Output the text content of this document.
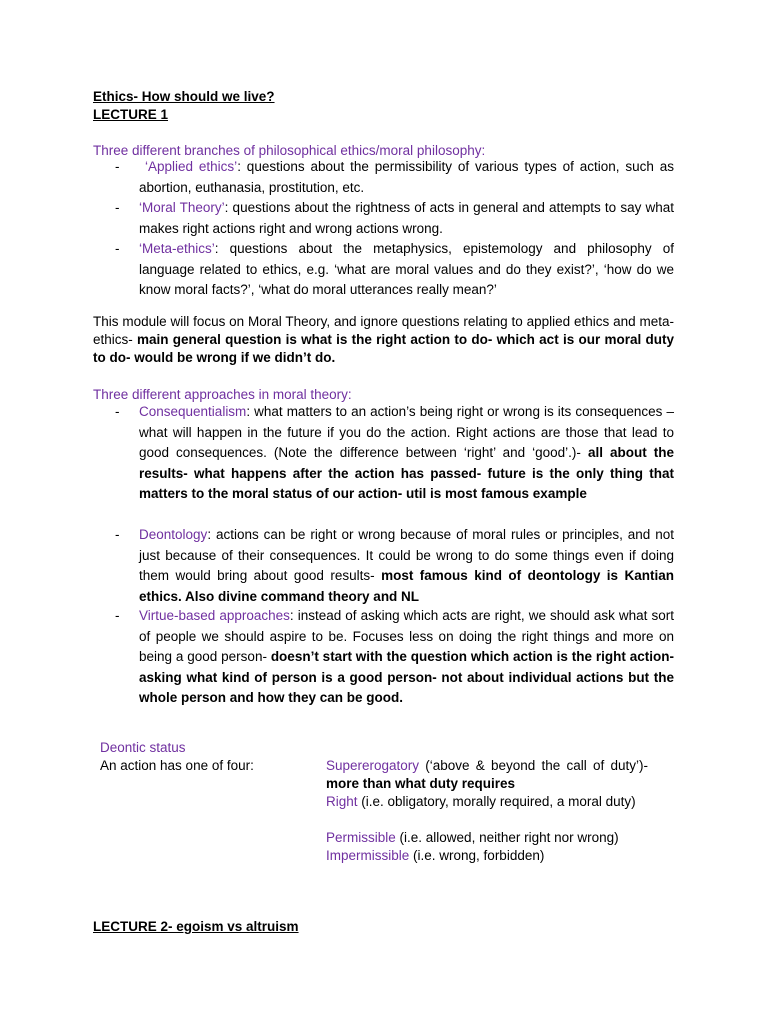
Ethics- How should we live?
LECTURE 1
Three different branches of philosophical ethics/moral philosophy:
-	‘Applied ethics’: questions about the permissibility of various types of action, such as abortion, euthanasia, prostitution, etc.
- ‘Moral Theory’: questions about the rightness of acts in general and attempts to say what makes right actions right and wrong actions wrong.
- ‘Meta-ethics’: questions about the metaphysics, epistemology and philosophy of language related to ethics, e.g. ‘what are moral values and do they exist?’, ‘how do we know moral facts?’, ‘what do moral utterances really mean?’
This module will focus on Moral Theory, and ignore questions relating to applied ethics and meta-ethics- main general question is what is the right action to do- which act is our moral duty to do- would be wrong if we didn’t do.
Three different approaches in moral theory:
- Consequentialism: what matters to an action’s being right or wrong is its consequences – what will happen in the future if you do the action. Right actions are those that lead to good consequences. (Note the difference between ‘right’ and ‘good’.)- all about the results- what happens after the action has passed- future is the only thing that matters to the moral status of our action- util is most famous example
- Deontology: actions can be right or wrong because of moral rules or principles, and not just because of their consequences. It could be wrong to do some things even if doing them would bring about good results- most famous kind of deontology is Kantian ethics. Also divine command theory and NL
- Virtue-based approaches: instead of asking which acts are right, we should ask what sort of people we should aspire to be. Focuses less on doing the right things and more on being a good person- doesn’t start with the question which action is the right action- asking what kind of person is a good person- not about individual actions but the whole person and how they can be good.
Deontic status
An action has one of four:	Supererogatory (‘above & beyond the call of duty’)-more than what duty requires
Right (i.e. obligatory, morally required, a moral duty)
Permissible (i.e. allowed, neither right nor wrong)
Impermissible (i.e. wrong, forbidden)
LECTURE 2- egoism vs altruism
